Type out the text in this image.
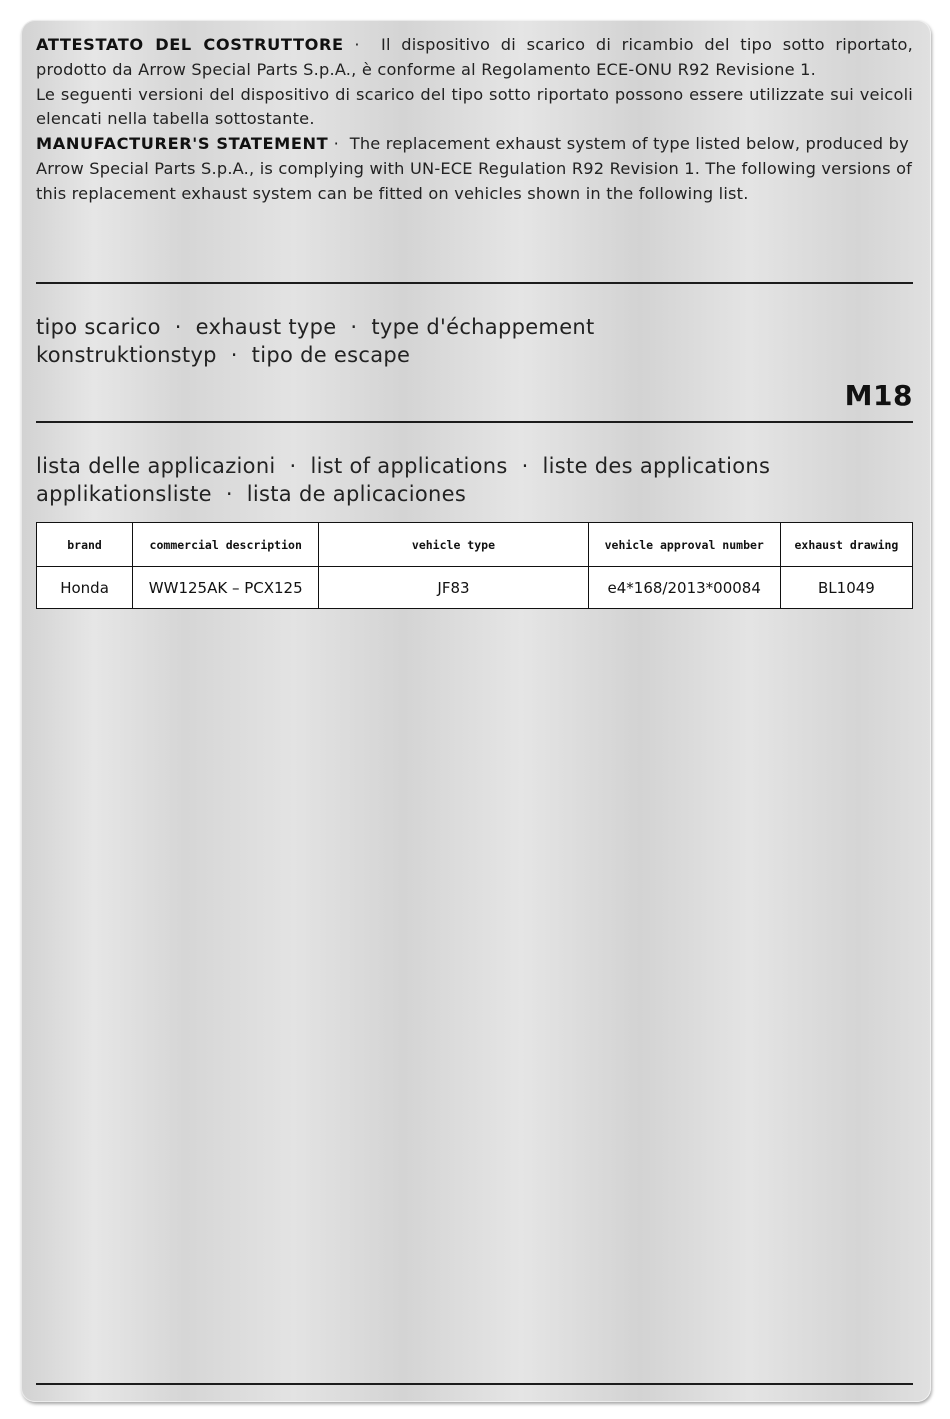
ATTESTATO DEL COSTRUTTORE ·  Il dispositivo di scarico di ricambio del tipo sotto riportato, prodotto da Arrow Special Parts S.p.A., è conforme al Regolamento ECE-ONU R92 Revisione 1.
Le seguenti versioni del dispositivo di scarico del tipo sotto riportato possono essere utilizzate sui veicoli elencati nella tabella sottostante.
MANUFACTURER'S STATEMENT ·  The replacement exhaust system of type listed below, produced by Arrow Special Parts S.p.A., is complying with UN-ECE Regulation R92 Revision 1. The following versions of this replacement exhaust system can be fitted on vehicles shown in the following list.
tipo scarico  ·  exhaust type  ·  type d'échappement
konstruktionstyp  ·  tipo de escape
M18
lista delle applicazioni  ·  list of applications  ·  liste des applications
applikationsliste  ·  lista de aplicaciones
brand	commercial description	vehicle type	vehicle approval number	exhaust drawing
Honda	WW125AK – PCX125	JF83	e4*168/2013*00084	BL1049
